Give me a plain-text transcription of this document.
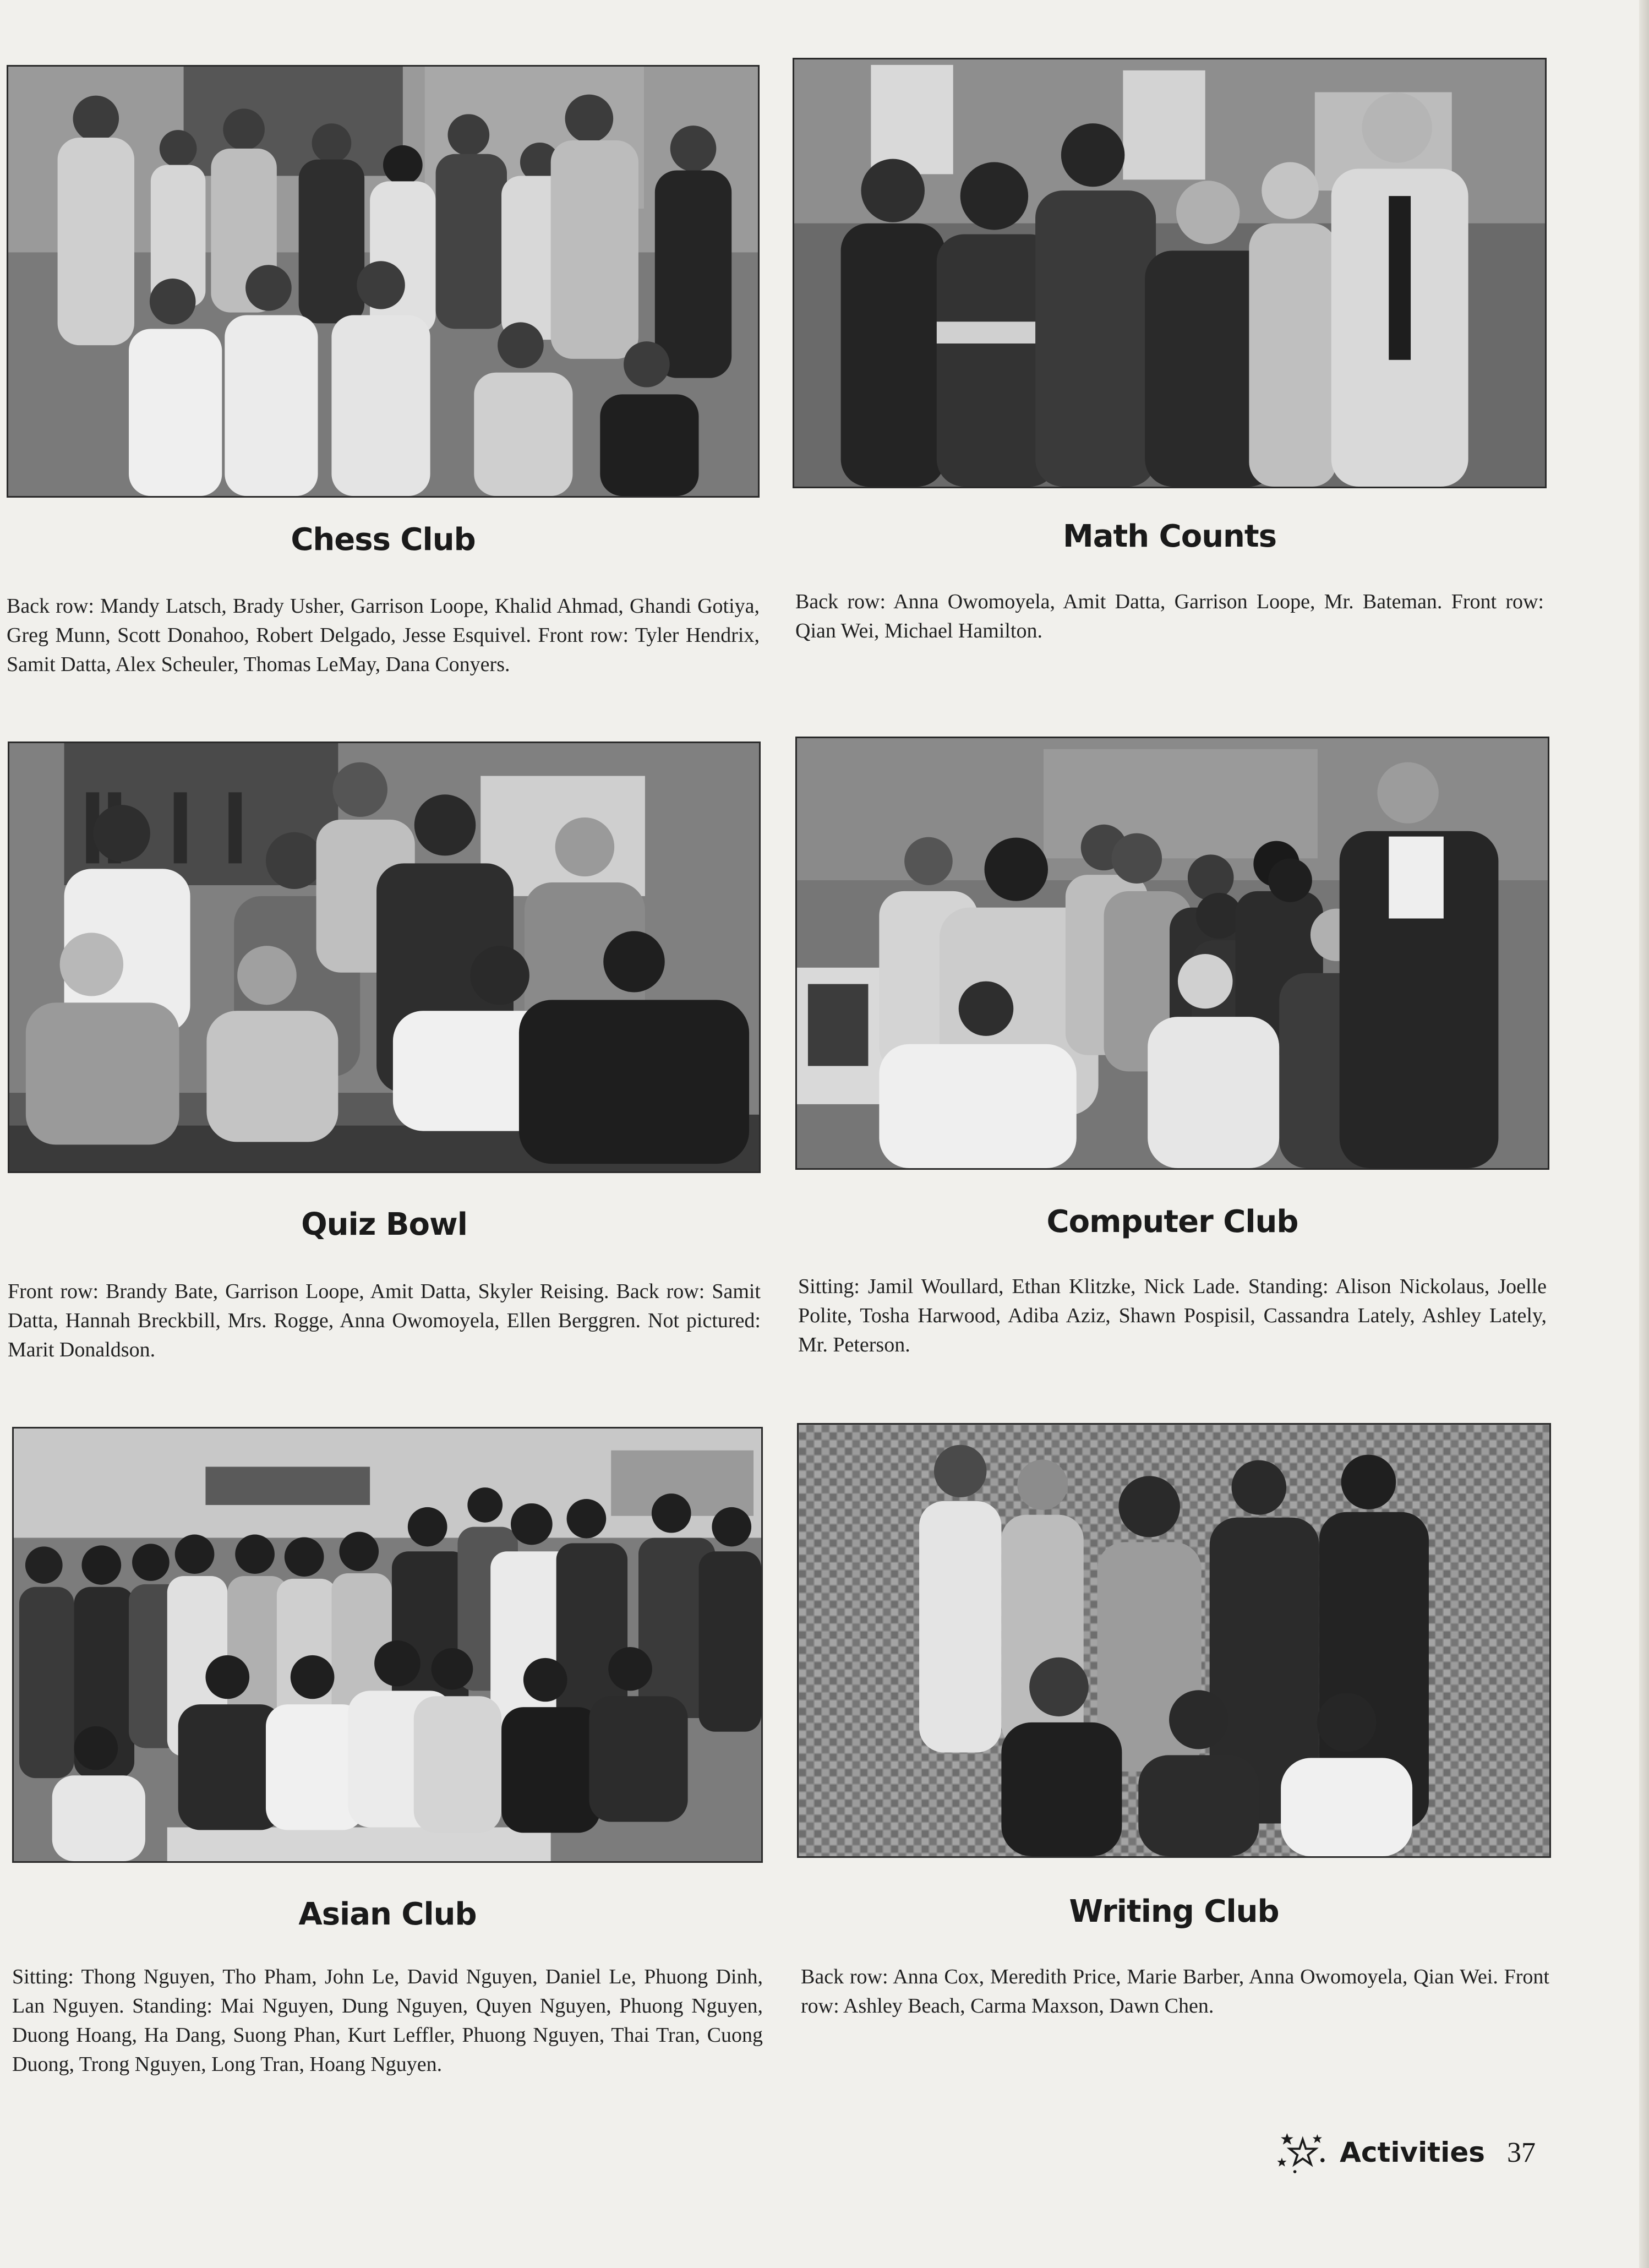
Chess Club
Back row: Mandy Latsch, Brady Usher, Garrison Loope, Khalid Ahmad, Ghandi Gotiya, Greg Munn, Scott Donahoo, Robert Delgado, Jesse Esquivel. Front row: Tyler Hendrix, Samit Datta, Alex Scheuler, Thomas LeMay, Dana Conyers.
Math Counts
Back row: Anna Owomoyela, Amit Datta, Garrison Loope, Mr. Bateman. Front row: Qian Wei, Michael Hamilton.
Quiz Bowl
Front row: Brandy Bate, Garrison Loope, Amit Datta, Skyler Reising. Back row: Samit Datta, Hannah Breckbill, Mrs. Rogge, Anna Owomoyela, Ellen Berggren. Not pictured: Marit Donaldson.
Computer Club
Sitting: Jamil Woullard, Ethan Klitzke, Nick Lade. Standing: Alison Nickolaus, Joelle Polite, Tosha Harwood, Adiba Aziz, Shawn Pospisil, Cassandra Lately, Ashley Lately, Mr. Peterson.
Asian Club
Sitting: Thong Nguyen, Tho Pham, John Le, David Nguyen, Daniel Le, Phuong Dinh, Lan Nguyen. Standing: Mai Nguyen, Dung Nguyen, Quyen Nguyen, Phuong Nguyen, Duong Hoang, Ha Dang, Suong Phan, Kurt Leffler, Phuong Nguyen, Thai Tran, Cuong Duong, Trong Nguyen, Long Tran, Hoang Nguyen.
Writing Club
Back row: Anna Cox, Meredith Price, Marie Barber, Anna Owomoyela, Qian Wei. Front row: Ashley Beach, Carma Maxson, Dawn Chen.
Activities 37
